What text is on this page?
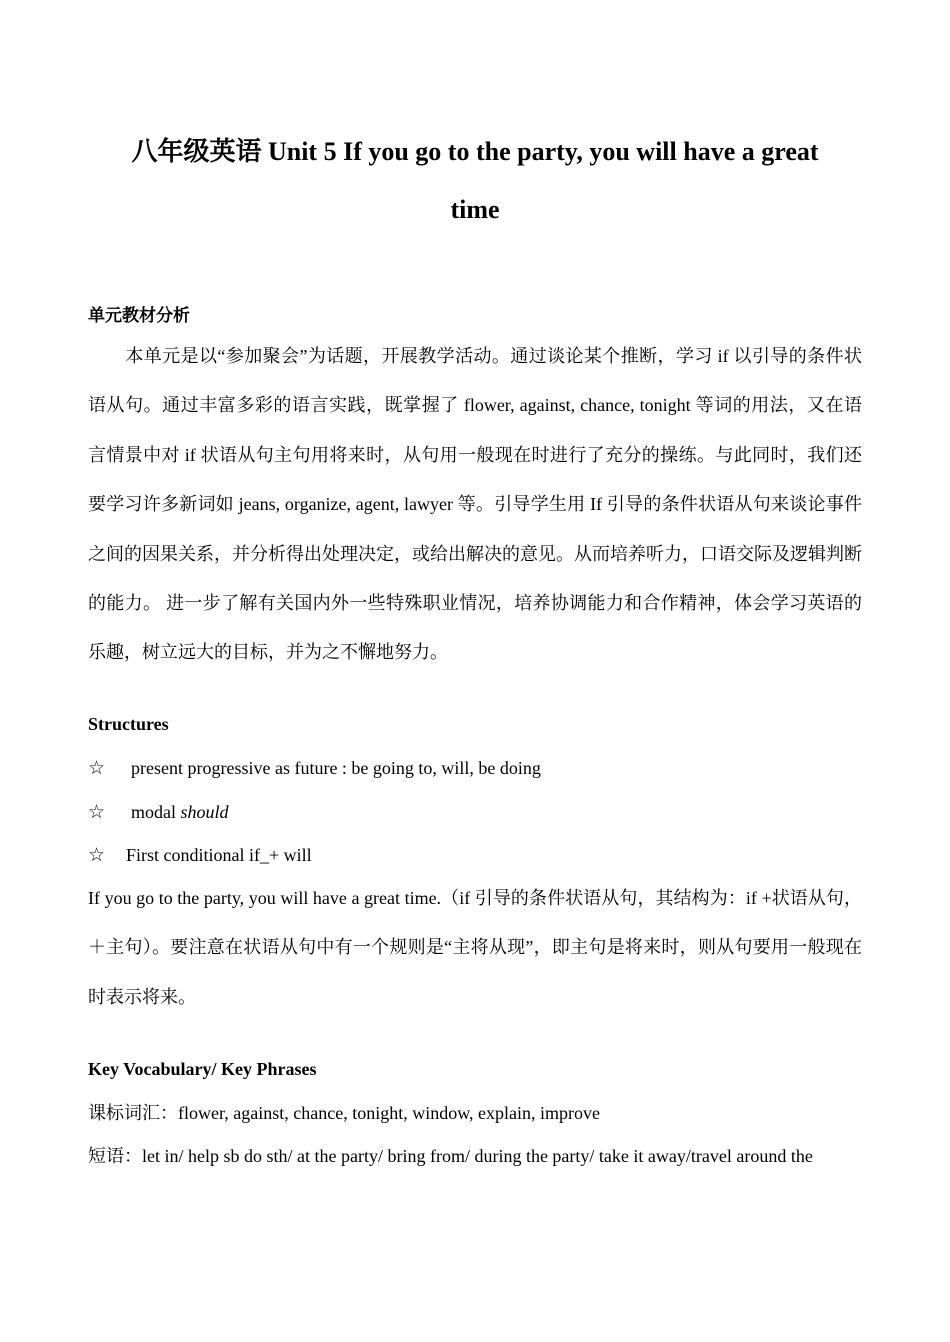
八年级英语 Unit 5 If you go to the party, you will have a great
time
单元教材分析

本单元是以“参加聚会”为话题，开展教学活动。通过谈论某个推断，学习 if 以引导的条件状语从句。通过丰富多彩的语言实践，既掌握了 flower, against, chance, tonight 等词的用法，又在语言情景中对 if 状语从句主句用将来时，从句用一般现在时进行了充分的操练。与此同时，我们还要学习许多新词如 jeans, organize, agent, lawyer 等。引导学生用 If 引导的条件状语从句来谈论事件之间的因果关系，并分析得出处理决定，或给出解决的意见。从而培养听力，口语交际及逻辑判断的能力。 进一步了解有关国内外一些特殊职业情况，培养协调能力和合作精神，体会学习英语的乐趣，树立远大的目标，并为之不懈地努力。

Structures
☆ present progressive as future : be going to, will, be doing
☆ modal should
☆ First conditional if_+ will

If you go to the party, you will have a great time.（if 引导的条件状语从句，其结构为：if +状语从句，＋主句）。要注意在状语从句中有一个规则是“主将从现”，即主句是将来时，则从句要用一般现在时表示将来。

Key Vocabulary/ Key Phrases
课标词汇：flower, against, chance, tonight, window, explain, improve
短语：let in/ help sb do sth/ at the party/ bring from/ during the party/ take it away/travel around the
